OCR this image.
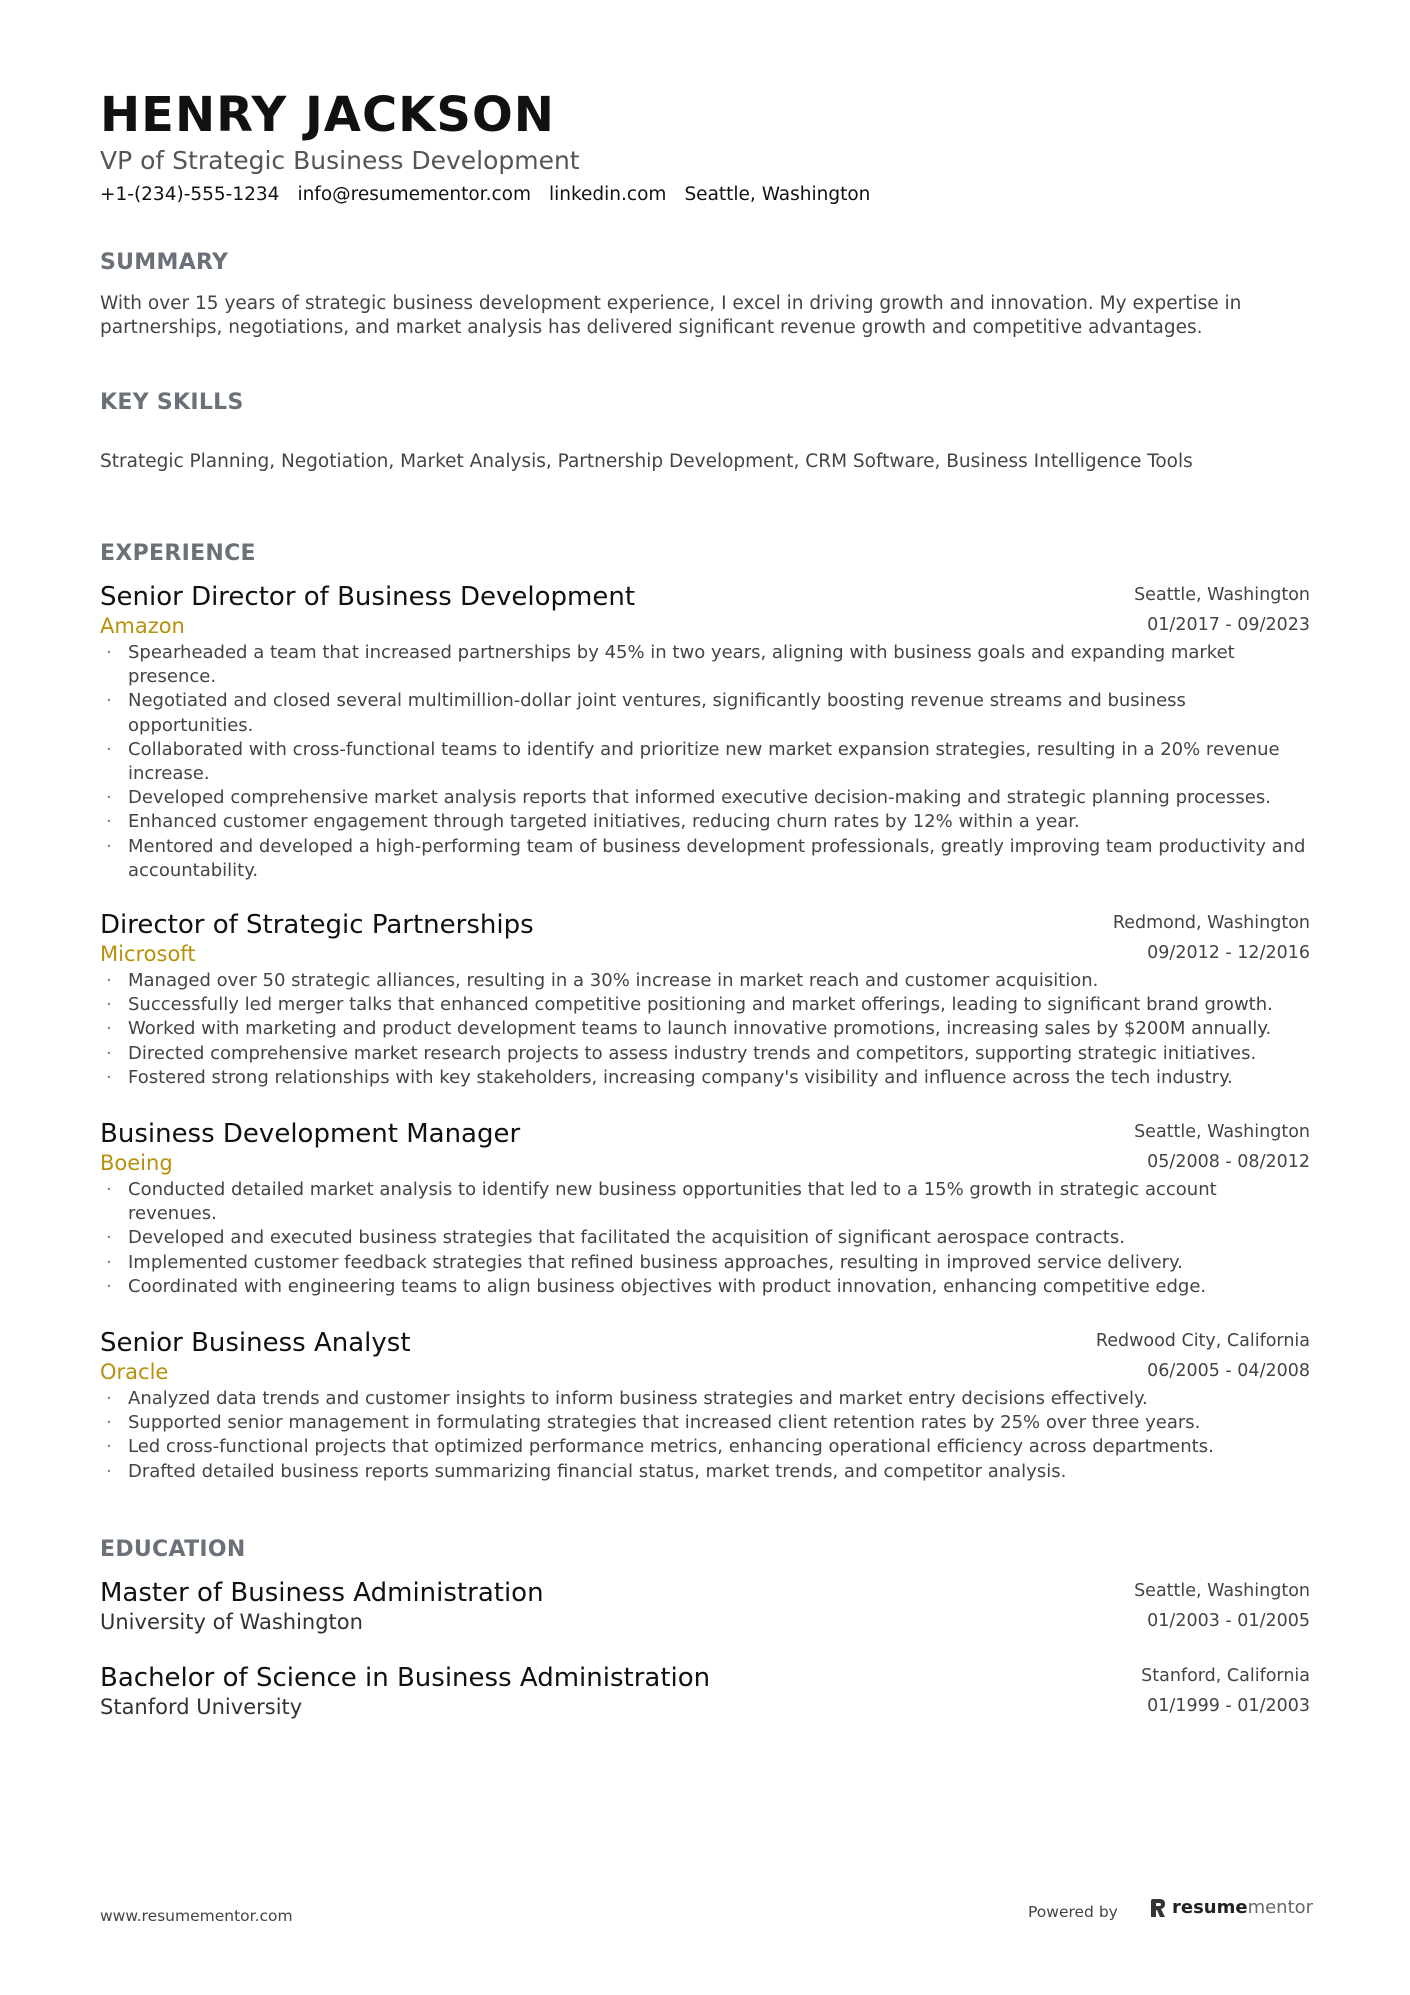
HENRY JACKSON
VP of Strategic Business Development
+1-(234)-555-1234 info@resumementor.com linkedin.com Seattle, Washington
SUMMARY
With over 15 years of strategic business development experience, I excel in driving growth and innovation. My expertise in partnerships, negotiations, and market analysis has delivered significant revenue growth and competitive advantages.
KEY SKILLS
Strategic Planning, Negotiation, Market Analysis, Partnership Development, CRM Software, Business Intelligence Tools
EXPERIENCE
Senior Director of Business Development
Amazon
Seattle, Washington
01/2017 - 09/2023
· Spearheaded a team that increased partnerships by 45% in two years, aligning with business goals and expanding market presence.
· Negotiated and closed several multimillion-dollar joint ventures, significantly boosting revenue streams and business opportunities.
· Collaborated with cross-functional teams to identify and prioritize new market expansion strategies, resulting in a 20% revenue increase.
· Developed comprehensive market analysis reports that informed executive decision-making and strategic planning processes.
· Enhanced customer engagement through targeted initiatives, reducing churn rates by 12% within a year.
· Mentored and developed a high-performing team of business development professionals, greatly improving team productivity and accountability.
Director of Strategic Partnerships
Microsoft
Redmond, Washington
09/2012 - 12/2016
· Managed over 50 strategic alliances, resulting in a 30% increase in market reach and customer acquisition.
· Successfully led merger talks that enhanced competitive positioning and market offerings, leading to significant brand growth.
· Worked with marketing and product development teams to launch innovative promotions, increasing sales by $200M annually.
· Directed comprehensive market research projects to assess industry trends and competitors, supporting strategic initiatives.
· Fostered strong relationships with key stakeholders, increasing company's visibility and influence across the tech industry.
Business Development Manager
Boeing
Seattle, Washington
05/2008 - 08/2012
· Conducted detailed market analysis to identify new business opportunities that led to a 15% growth in strategic account revenues.
· Developed and executed business strategies that facilitated the acquisition of significant aerospace contracts.
· Implemented customer feedback strategies that refined business approaches, resulting in improved service delivery.
· Coordinated with engineering teams to align business objectives with product innovation, enhancing competitive edge.
Senior Business Analyst
Oracle
Redwood City, California
06/2005 - 04/2008
· Analyzed data trends and customer insights to inform business strategies and market entry decisions effectively.
· Supported senior management in formulating strategies that increased client retention rates by 25% over three years.
· Led cross-functional projects that optimized performance metrics, enhancing operational efficiency across departments.
· Drafted detailed business reports summarizing financial status, market trends, and competitor analysis.
EDUCATION
Master of Business Administration
University of Washington
Seattle, Washington
01/2003 - 01/2005
Bachelor of Science in Business Administration
Stanford University
Stanford, California
01/1999 - 01/2003
www.resumementor.com	Powered by	resumementor
